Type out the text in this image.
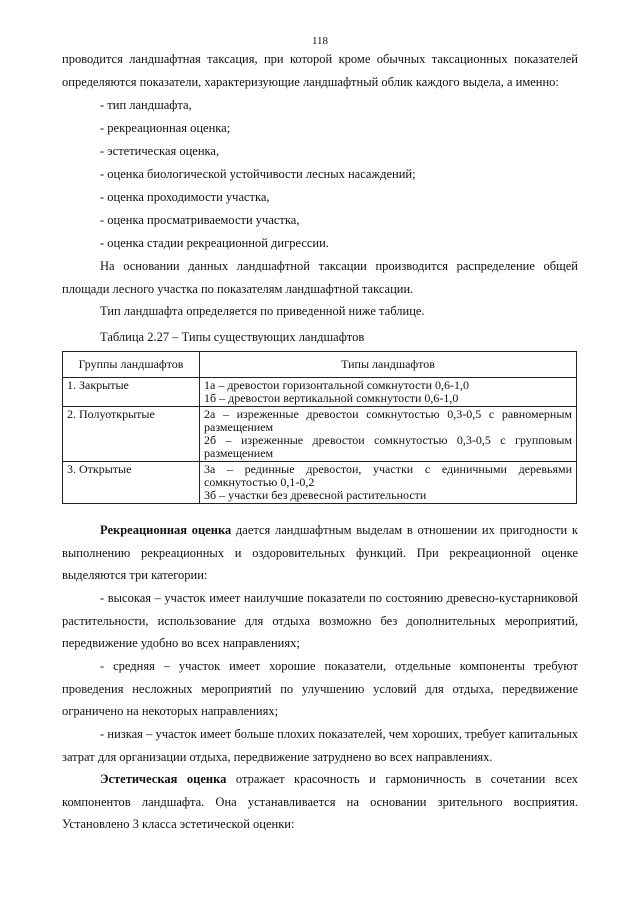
118

проводится ландшафтная таксация, при которой кроме обычных таксационных показателей определяются показатели, характеризующие ландшафтный облик каждого выдела, а именно:

- тип ландшафта,

- рекреационная оценка;

- эстетическая оценка,

- оценка биологической устойчивости лесных насаждений;

- оценка проходимости участка,

- оценка просматриваемости участка,

- оценка стадии рекреационной дигрессии.

На основании данных ландшафтной таксации производится распределение общей площади лесного участка по показателям ландшафтной таксации.

Тип ландшафта определяется по приведенной ниже таблице.

Таблица 2.27 – Типы существующих ландшафтов

Группы ландшафтов	Типы ландшафтов
1. Закрытые	1а – древостои горизонтальной сомкнутости 0,6-1,0
1б – древостои вертикальной сомкнутости 0,6-1,0

2. Полуоткрытые	2а – изреженные древостои сомкнутостью 0,3-0,5 с равномерным размещением
2б – изреженные древостои сомкнутостью 0,3-0,5 с групповым размещением

3. Открытые	3а – рединные древостои, участки с единичными деревьями сомкнутостью 0,1-0,2
3б – участки без древесной растительности

Рекреационная оценка дается ландшафтным выделам в отношении их пригодности к выполнению рекреационных и оздоровительных функций. При рекреационной оценке выделяются три категории:

- высокая – участок имеет наилучшие показатели по состоянию древесно-кустарниковой растительности, использование для отдыха возможно без дополнительных мероприятий, передвижение удобно во всех направлениях;

- средняя – участок имеет хорошие показатели, отдельные компоненты требуют проведения несложных мероприятий по улучшению условий для отдыха, передвижение ограничено на некоторых направлениях;

- низкая – участок имеет больше плохих показателей, чем хороших, требует капитальных затрат для организации отдыха, передвижение затруднено во всех направлениях.

Эстетическая оценка отражает красочность и гармоничность в сочетании всех компонентов ландшафта. Она устанавливается на основании зрительного восприятия. Установлено 3 класса эстетической оценки:
